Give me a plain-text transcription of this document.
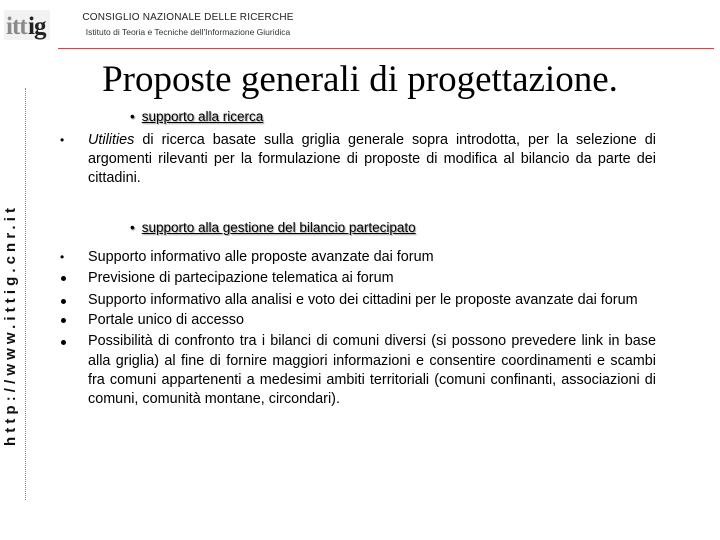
itt ig	CONSIGLIO NAZIONALE DELLE RICERCHE
Istituto di Teoria e Tecniche dell'Informazione Giuridica
http://www.ittig.cnr.it
Proposte generali di progettazione.
• supporto alla ricerca
• Utilities di ricerca basate sulla griglia generale sopra introdotta, per la selezione di argomenti rilevanti per la formulazione di proposte di modifica al bilancio da parte dei cittadini.
• supporto alla gestione del bilancio partecipato
• Supporto informativo alle proposte avanzate dai forum
Previsione di partecipazione telematica ai forum
Supporto informativo alla analisi e voto dei cittadini per le proposte avanzate dai forum
Portale unico di accesso
Possibilità di confronto tra i bilanci di comuni diversi (si possono prevedere link in base alla griglia) al fine di fornire maggiori informazioni e consentire coordinamenti e scambi fra comuni appartenenti a medesimi ambiti territoriali (comuni confinanti, associazioni di comuni, comunità montane, circondari).
